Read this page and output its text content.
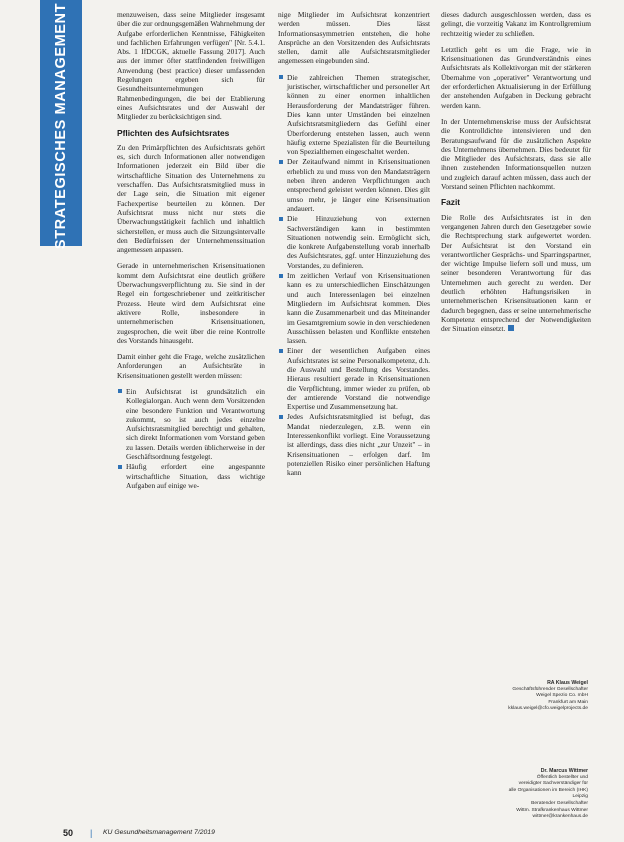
STRATEGISCHES MANAGEMENT	menzuweisen, dass seine Mitglieder insgesamt über die zur ordnungsgemäßen Wahrnehmung der Aufgabe erforderlichen Kenntnisse, Fähigkeiten und fachlichen Erfahrungen verfügen" [Nr. 5.4.1. Abs. 1 IfDCGK, aktuelle Fassung 2017]. Auch aus der immer öfter stattfindenden freiwilligen Anwendung (best practice) dieser umfassenden Regelungen ergeben sich für Gesundheitsunternehmungen Rahmenbedingungen, die bei der Etablierung eines Aufsichtsrates und der Auswahl der Mitglieder zu berücksichtigen sind.

Pflichten des Aufsichtsrates

Zu den Primärpflichten des Aufsichtsrats gehört es, sich durch Informationen aller notwendigen Informationen jederzeit ein Bild über die wirtschaftliche Situation des Unternehmens zu verschaffen. Das Aufsichtsratsmitglied muss in der Lage sein, die Situation mit eigener Fachexpertise beurteilen zu können. Der Aufsichtsrat muss nicht nur stets die Überwachungstätigkeit fachlich und inhaltlich sicherstellen, er muss auch die Sitzungsintervalle den Bedürfnissen der Unternehmenssituation angemessen anpassen.

Gerade in unternehmerischen Krisensituationen kommt dem Aufsichtsrat eine deutlich größere Überwachungsverpflichtung zu. Sie sind in der Regel ein fortgeschriebener und zeitkritischer Prozess. Heute wird dem Aufsichtsrat eine aktivere Rolle, insbesondere in unternehmerischen Krisensituationen, zugesprochen, die weit über die reine Kontrolle des Vorstands hinausgeht.

Damit einher geht die Frage, welche zusätzlichen Anforderungen an Aufsichtsräte in Krisensituationen gestellt werden müssen:

Ein Aufsichtsrat ist grundsätzlich ein Kollegialorgan. Auch wenn dem Vorsitzenden eine besondere Funktion und Verantwortung zukommt, so ist auch jedes einzelne Aufsichtsratsmitglied berechtigt und gehalten, sich direkt Informationen vom Vorstand geben zu lassen. Details werden üblicherweise in der Geschäftsordnung festgelegt.
Häufig erfordert eine angespannte wirtschaftliche Situation, dass wichtige Aufgaben auf einige we-

nige Mitglieder im Aufsichtsrat konzentriert werden müssen. Dies lässt Informationsasymmetrien entstehen, die hohe Ansprüche an den Vorsitzenden des Aufsichtsrats stellen, damit alle Aufsichtsratsmitglieder angemessen eingebunden sind.

Die zahlreichen Themen strategischer, juristischer, wirtschaftlicher und personeller Art können zu einer enormen inhaltlichen Herausforderung der Mandatsträger führen. Dies kann unter Umständen bei einzelnen Aufsichtsratsmitgliedern das Gefühl einer Überforderung entstehen lassen, auch wenn häufig externe Spezialisten für die Beurteilung von Spezialthemen eingeschaltet werden.
Der Zeitaufwand nimmt in Krisensituationen erheblich zu und muss von den Mandatsträgern neben ihren anderen Verpflichtungen auch entsprechend geleistet werden können. Dies gilt umso mehr, je länger eine Krisensituation andauert.
Die Hinzuziehung von externen Sachverständigen kann in bestimmten Situationen notwendig sein. Ermöglicht sich, die konkrete Aufgabenstellung vorab innerhalb des Aufsichtsrates, ggf. unter Hinzuziehung des Vorstandes, zu definieren.
Im zeitlichen Verlauf von Krisensituationen kann es zu unterschiedlichen Einschätzungen und auch Interessenlagen bei einzelnen Mitgliedern im Aufsichtsrat kommen. Dies kann die Zusammenarbeit und das Miteinander im Gesamtgremium sowie in den verschiedenen Ausschüssen belasten und Konflikte entstehen lassen.
Einer der wesentlichen Aufgaben eines Aufsichtsrates ist seine Personalkompetenz, d.h. die Auswahl und Bestellung des Vorstandes. Hieraus resultiert gerade in Krisensituationen die Verpflichtung, immer wieder zu prüfen, ob der amtierende Vorstand die notwendige Expertise und Zusammensetzung hat.
Jedes Aufsichtsratsmitglied ist befugt, das Mandat niederzulegen, z.B. wenn ein Interessenkonflikt vorliegt. Eine Voraussetzung ist allerdings, dass dies nicht „zur Unzeit" – in Krisensituationen – erfolgen darf. Im potenziellen Risiko einer persönlichen Haftung kann

dieses dadurch ausgeschlossen werden, dass es gelingt, die vorzeitig Vakanz im Kontrollgremium rechtzeitig wieder zu schließen.

Letztlich geht es um die Frage, wie in Krisensituationen das Grundverständnis eines Aufsichtsrats als Kollektivorgan mit der stärkeren Übernahme von „operativer" Verantwortung und der erforderlichen Aktualisierung in der Erfüllung der anstehenden Aufgaben in Deckung gebracht werden kann.

In der Unternehmenskrise muss der Aufsichtsrat die Kontrolldichte intensivieren und den Beratungsaufwand für die zusätzlichen Aspekte des Unternehmens übernehmen. Dies bedeutet für die Mitglieder des Aufsichtsrats, dass sie alle ihnen zustehenden Informationsquellen nutzen und zugleich darauf achten müssen, dass auch der Vorstand seinen Pflichten nachkommt.

Fazit

Die Rolle des Aufsichtsrates ist in den vergangenen Jahren durch den Gesetzgeber sowie die Rechtsprechung stark aufgewertet worden. Der Aufsichtsrat ist den Vorstand ein verantwortlicher Gesprächs- und Sparringspartner, der wichtige Impulse liefern soll und muss, um seiner besonderen Verantwortung für das Unternehmen auch gerecht zu werden. Der deutlich erhöhten Haftungsrisiken in unternehmerischen Krisensituationen kann er dadurch begegnen, dass er seine unternehmerische Kompetenz entsprechend der Notwendigkeiten der Situation einsetzt.

RA Klaus Weigel
Geschäftsführender Gesellschafter
Weigel Spezio Co. mbH
Frankfurt am Main
kklaus.weigel@cfo.weigelprojects.de
Dr. Marcus Wittmer
Öffentlich bestellter und
vereidigter Sachverständiger für
alle Organisationen im Bereich (IHK)
Leipzig
Beratender Gesellschafter
Wittm. Strafkrankenhaus Wittmer
wittmer@krankenhaus.de
50 | KU Gesundheitsmanagement 7/2019
